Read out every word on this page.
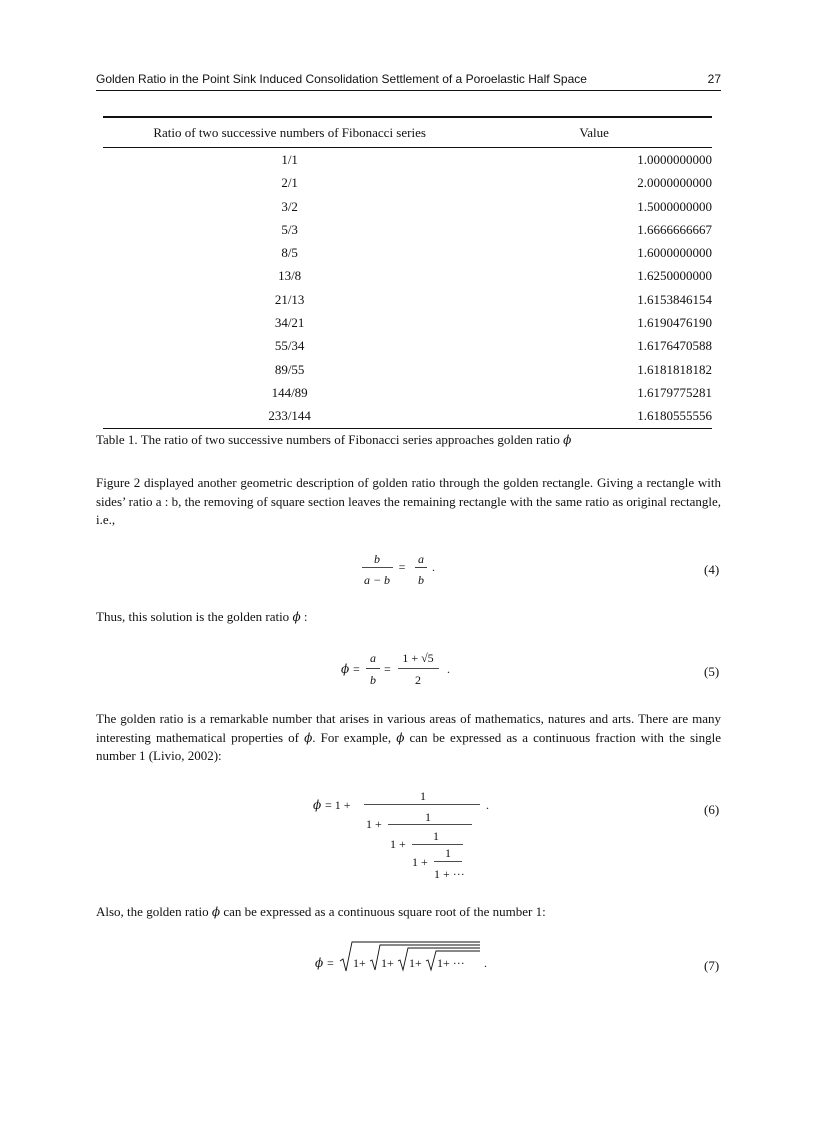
Golden Ratio in the Point Sink Induced Consolidation Settlement of a Poroelastic Half Space	27
Ratio of two successive numbers of Fibonacci series	Value
1/1	1.0000000000
2/1	2.0000000000
3/2	1.5000000000
5/3	1.6666666667
8/5	1.6000000000
13/8	1.6250000000
21/13	1.6153846154
34/21	1.6190476190
55/34	1.6176470588
89/55	1.6181818182
144/89	1.6179775281
233/144	1.6180555556
Table 1. The ratio of two successive numbers of Fibonacci series approaches golden ratio ϕ
Figure 2 displayed another geometric description of golden ratio through the golden rectangle. Giving a rectangle with sides’ ratio a : b, the removing of square section leaves the remaining rectangle with the same ratio as original rectangle, i.e.,
b
a − b
=
a
b
.	(4)
Thus, this solution is the golden ratio ϕ :
ϕ =
a
b
=
1 + √5
2
.	(5)
The golden ratio is a remarkable number that arises in various areas of mathematics, natures and arts. There are many interesting mathematical properties of ϕ. For example, ϕ can be expressed as a continuous fraction with the single number 1 (Livio, 2002):
ϕ = 1 +
1
.
1
1 +
1
1 +
1
1 +
1 + ···
(6)
Also, the golden ratio ϕ can be expressed as a continuous square root of the number 1:
ϕ = 1+ 1+ 1+ 1+ ··· .	(7)
